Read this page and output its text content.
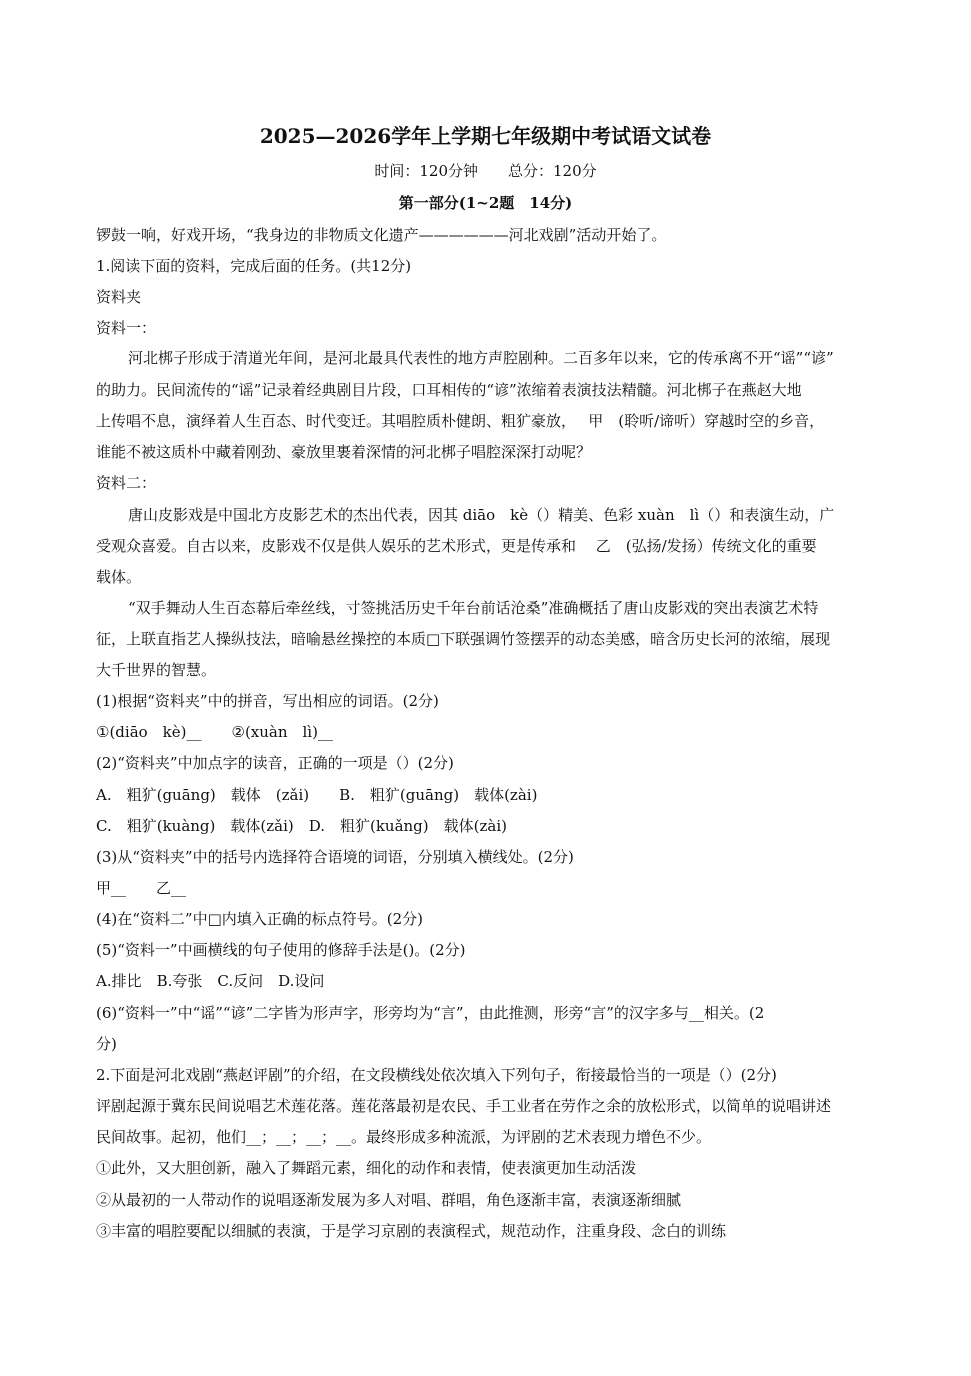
2025—2026学年上学期七年级期中考试语文试卷
时间：120分钟　　总分：120分
第一部分(1~2题　14分)
锣鼓一响，好戏开场，“我身边的非物质文化遗产——————河北戏剧”活动开始了。
1.阅读下面的资料，完成后面的任务。(共12分)
资料夹
资料一：
河北梆子形成于清道光年间，是河北最具代表性的地方声腔剧种。二百多年以来，它的传承离不开“谣”“谚”
的助力。民间流传的“谣”记录着经典剧目片段，口耳相传的“谚”浓缩着表演技法精髓。河北梆子在燕赵大地
上传唱不息，演绎着人生百态、时代变迁。其唱腔质朴健朗、粗犷豪放，　 甲　(聆听/谛听）穿越时空的乡音，
谁能不被这质朴中藏着刚劲、豪放里裹着深情的河北梆子唱腔深深打动呢？
资料二：
唐山皮影戏是中国北方皮影艺术的杰出代表，因其 diāo　kè（）精美、色彩 xuàn　lì（）和表演生动，广
受观众喜爱。自古以来，皮影戏不仅是供人娱乐的艺术形式，更是传承和　 乙　(弘扬/发扬）传统文化的重要
载体。
“双手舞动人生百态幕后牵丝线，寸签挑活历史千年台前话沧桑”准确概括了唐山皮影戏的突出表演艺术特
征，上联直指艺人操纵技法，暗喻悬丝操控的本质□下联强调竹签摆弄的动态美感，暗含历史长河的浓缩，展现
大千世界的智慧。
(1)根据“资料夹”中的拼音，写出相应的词语。(2分)
①(diāo　kè)__　　②(xuàn　lì)__
(2)“资料夹”中加点字的读音，正确的一项是（）(2分)
A.　粗犷(guāng)　载体　(zǎi)　　B.　粗犷(guāng)　载体(zài)
C.　粗犷(kuàng)　载体(zǎi)　D.　粗犷(kuǎng)　载体(zài)
(3)从“资料夹”中的括号内选择符合语境的词语，分别填入横线处。(2分)
甲__　　乙__
(4)在“资料二”中□内填入正确的标点符号。(2分)
(5)“资料一”中画横线的句子使用的修辞手法是()。(2分)
A.排比　B.夸张　C.反问　D.设问
(6)“资料一”中“谣”“谚”二字皆为形声字，形旁均为“言”，由此推测，形旁“言”的汉字多与__相关。(2
分)
2.下面是河北戏剧“燕赵评剧”的介绍，在文段横线处依次填入下列句子，衔接最恰当的一项是（）(2分)
评剧起源于冀东民间说唱艺术莲花落。莲花落最初是农民、手工业者在劳作之余的放松形式，以简单的说唱讲述
民间故事。起初，他们__；__；__；__。最终形成多种流派，为评剧的艺术表现力增色不少。
①此外，又大胆创新，融入了舞蹈元素，细化的动作和表情，使表演更加生动活泼
②从最初的一人带动作的说唱逐渐发展为多人对唱、群唱，角色逐渐丰富，表演逐渐细腻
③丰富的唱腔要配以细腻的表演，于是学习京剧的表演程式，规范动作，注重身段、念白的训练
